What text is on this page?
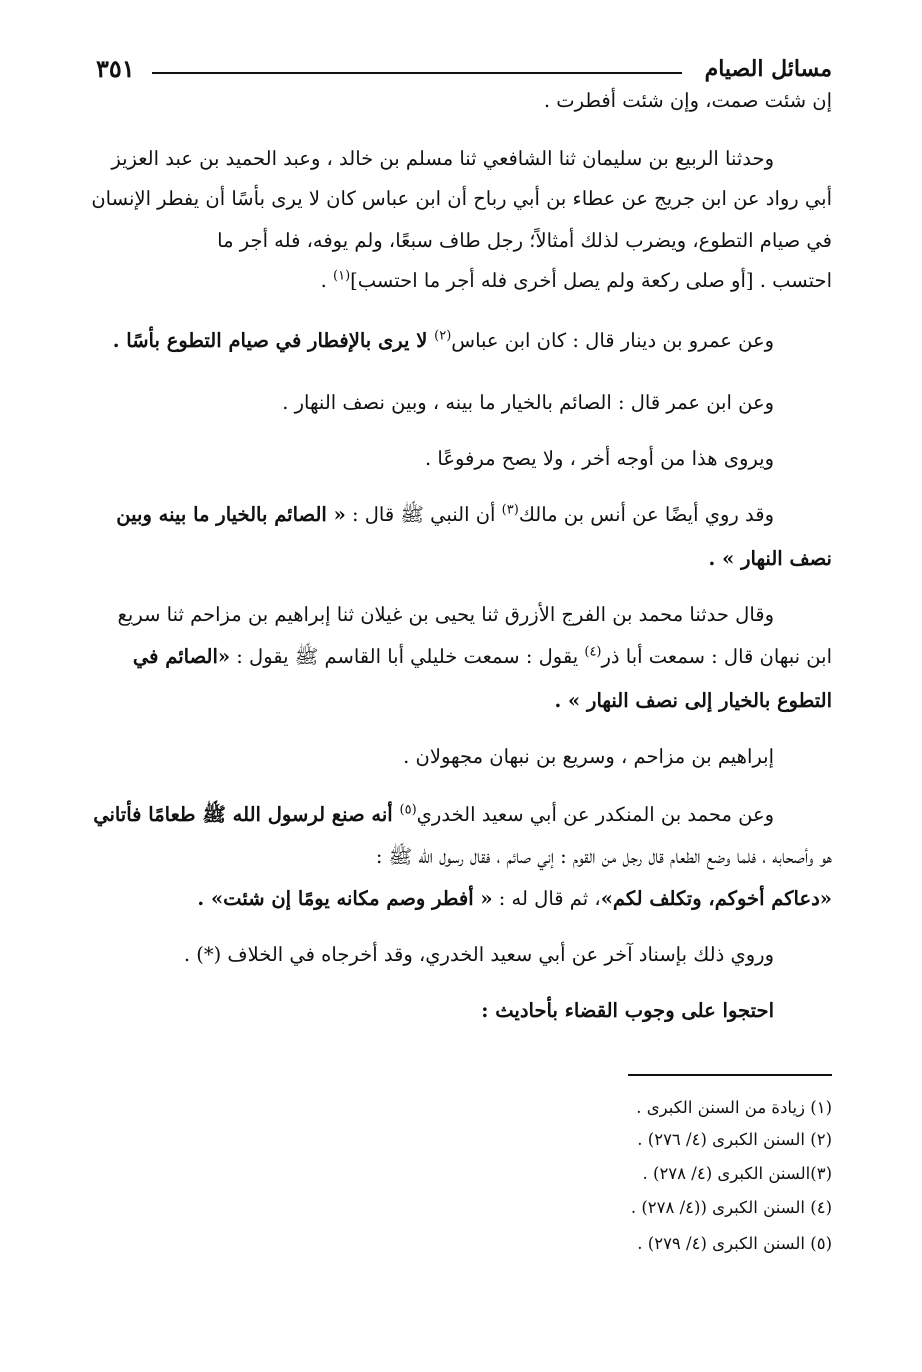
مسائل الصيام
٣٥١
إن شئت صمت، وإن شئت أفطرت .
وحدثنا الربيع بن سليمان ثنا الشافعي ثنا مسلم بن خالد ، وعبد الحميد بن عبد العزيز
أبي رواد عن ابن جريج عن عطاء بن أبي رباح أن ابن عباس كان لا يرى بأسًا أن يفطر الإنسان
في صيام التطوع، ويضرب لذلك أمثالاً؛ رجل طاف سبعًا، ولم يوفه، فله أجر ما
احتسب . [أو صلى ركعة ولم يصل أخرى فله أجر ما احتسب]$^{(١)}$ .
وعن عمرو بن دينار قال : كان ابن عباس$^{(٢)}$ لا يرى بالإفطار في صيام التطوع بأسًا .
وعن ابن عمر قال : الصائم بالخيار ما بينه ، وبين نصف النهار .
ويروى هذا من أوجه أخر ، ولا يصح مرفوعًا .
وقد روي أيضًا عن أنس بن مالك$^{(٣)}$ أن النبي ﷺ قال : « الصائم بالخيار ما بينه وبين
نصف النهار » .
وقال حدثنا محمد بن الفرج الأزرق ثنا يحيى بن غيلان ثنا إبراهيم بن مزاحم ثنا سريع
ابن نبهان قال : سمعت أبا ذر$^{(٤)}$ يقول : سمعت خليلي أبا القاسم ﷺ يقول : «الصائم في
التطوع بالخيار إلى نصف النهار » .
إبراهيم بن مزاحم ، وسريع بن نبهان مجهولان .
وعن محمد بن المنكدر عن أبي سعيد الخدري$^{(٥)}$ أنه صنع لرسول الله ﷺ طعامًا فأتاني
هو وأصحابه ، فلما وضع الطعام قال رجل من القوم : إني صائم ، فقال رسول الله ﷺ :
«دعاكم أخوكم، وتكلف لكم»، ثم قال له : « أفطر وصم مكانه يومًا إن شئت» .
وروي ذلك بإسناد آخر عن أبي سعيد الخدري، وقد أخرجاه في الخلاف (*) .
احتجوا على وجوب القضاء بأحاديث :
(١) زيادة من السنن الكبرى .
(٢) السنن الكبرى (٤/ ٢٧٦) .
(٣)السنن الكبرى (٤/ ٢٧٨) .
(٤) السنن الكبرى ((٤/ ٢٧٨) .
(٥) السنن الكبرى (٤/ ٢٧٩) .
